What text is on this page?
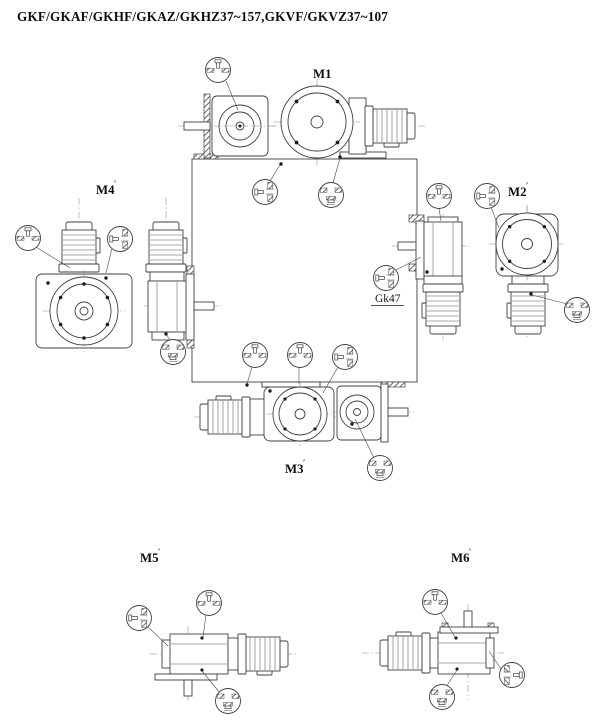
GKF/GKAF/GKHF/GKAZ/GKHZ37~157,GKVF/GKVZ37~107
M1
M2 ′
M3 ′
M4 ′
M5 ′	M6 ′
Gk47
